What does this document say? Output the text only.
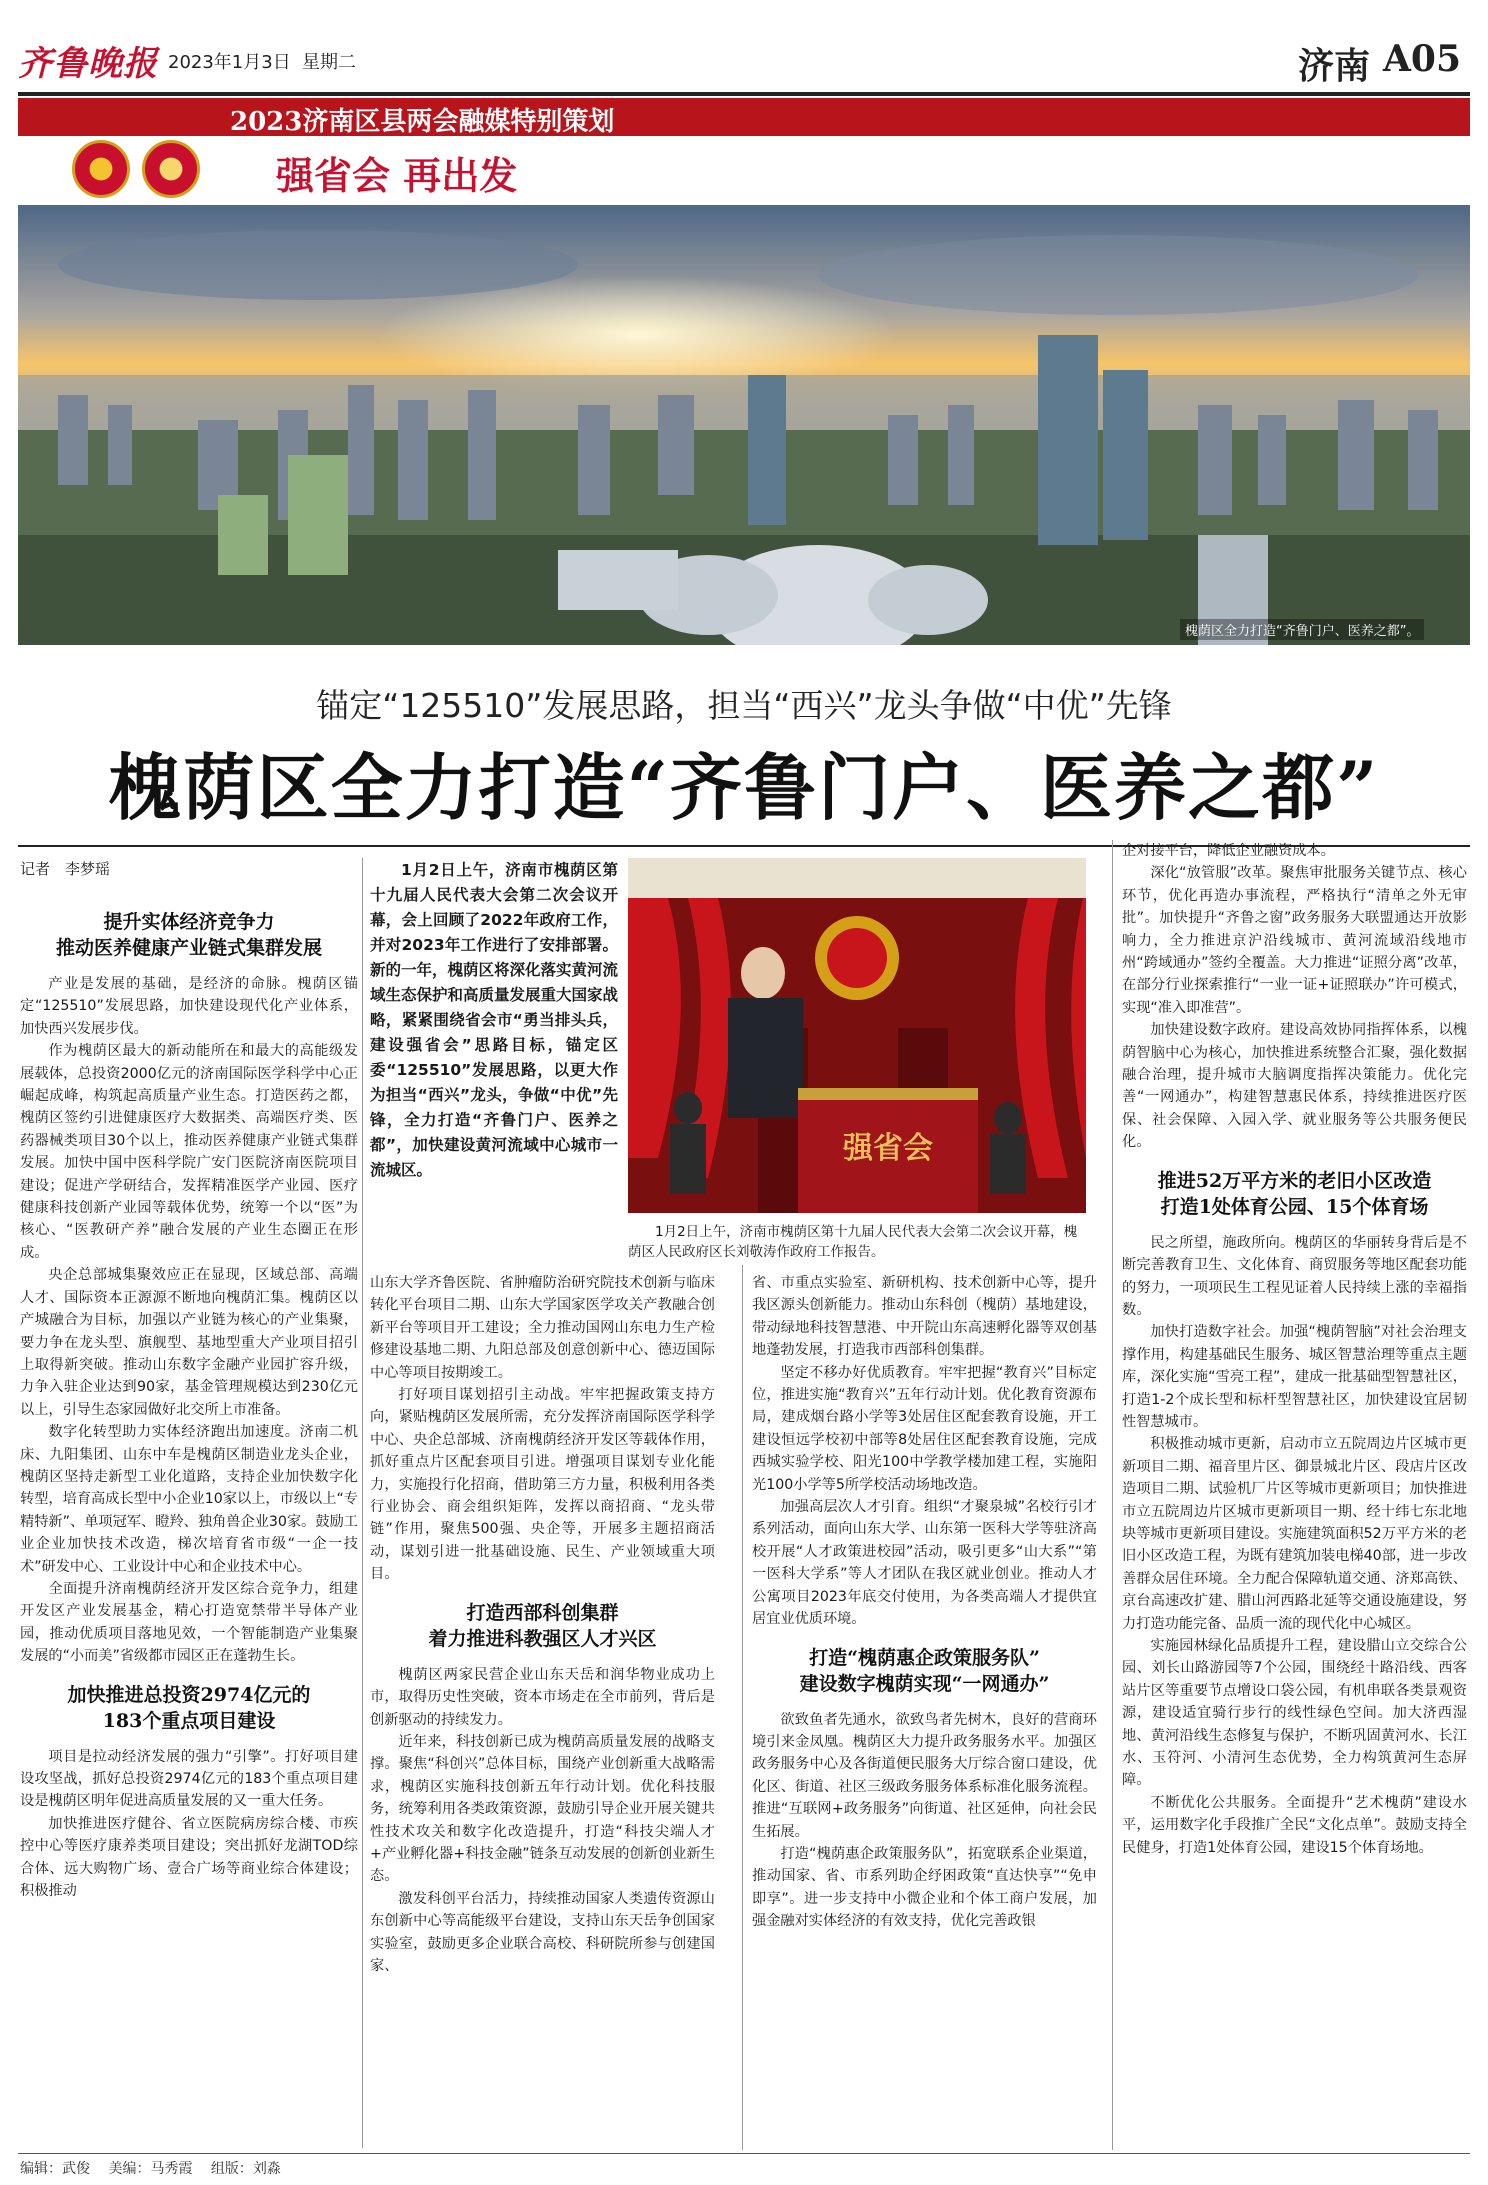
齐鲁晚报 2023年1月3日 星期二	济南 A05
2023济南区县两会融媒特别策划
强省会 再出发
槐荫区全力打造“齐鲁门户、医养之都”。
锚定“125510”发展思路，担当“西兴”龙头争做“中优”先锋
槐荫区全力打造“齐鲁门户、医养之都”
记者　李梦瑶
提升实体经济竞争力
推动医养健康产业链式集群发展

产业是发展的基础，是经济的命脉。槐荫区锚定“125510”发展思路，加快建设现代化产业体系，加快西兴发展步伐。

作为槐荫区最大的新动能所在和最大的高能级发展载体，总投资2000亿元的济南国际医学科学中心正崛起成峰，构筑起高质量产业生态。打造医药之都，槐荫区签约引进健康医疗大数据类、高端医疗类、医药器械类项目30个以上，推动医养健康产业链式集群发展。加快中国中医科学院广安门医院济南医院项目建设；促进产学研结合，发挥精准医学产业园、医疗健康科技创新产业园等载体优势，统筹一个以“医”为核心、“医教研产养”融合发展的产业生态圈正在形成。

央企总部城集聚效应正在显现，区域总部、高端人才、国际资本正源源不断地向槐荫汇集。槐荫区以产城融合为目标，加强以产业链为核心的产业集聚，要力争在龙头型、旗舰型、基地型重大产业项目招引上取得新突破。推动山东数字金融产业园扩容升级，力争入驻企业达到90家，基金管理规模达到230亿元以上，引导生态家园做好北交所上市准备。

数字化转型助力实体经济跑出加速度。济南二机床、九阳集团、山东中车是槐荫区制造业龙头企业，槐荫区坚持走新型工业化道路，支持企业加快数字化转型，培育高成长型中小企业10家以上，市级以上“专精特新”、单项冠军、瞪羚、独角兽企业30家。鼓励工业企业加快技术改造，梯次培育省市级“一企一技术”研发中心、工业设计中心和企业技术中心。

全面提升济南槐荫经济开发区综合竞争力，组建开发区产业发展基金，精心打造宽禁带半导体产业园，推动优质项目落地见效，一个智能制造产业集聚发展的“小而美”省级都市园区正在蓬勃生长。

加快推进总投资2974亿元的
183个重点项目建设

项目是拉动经济发展的强力“引擎”。打好项目建设攻坚战，抓好总投资2974亿元的183个重点项目建设是槐荫区明年促进高质量发展的又一重大任务。

加快推进医疗健谷、省立医院病房综合楼、市疾控中心等医疗康养类项目建设；突出抓好龙湖TOD综合体、远大购物广场、壹合广场等商业综合体建设；积极推动

1月2日上午，济南市槐荫区第十九届人民代表大会第二次会议开幕，会上回顾了2022年政府工作，并对2023年工作进行了安排部署。新的一年，槐荫区将深化落实黄河流域生态保护和高质量发展重大国家战略，紧紧围绕省会市“勇当排头兵，建设强省会”思路目标，锚定区委“125510”发展思路，以更大作为担当“西兴”龙头，争做“中优”先锋，全力打造“齐鲁门户、医养之都”，加快建设黄河流域中心城市一流城区。

强省会
1月2日上午，济南市槐荫区第十九届人民代表大会第二次会议开幕，槐荫区人民政府区长刘敬涛作政府工作报告。

山东大学齐鲁医院、省肿瘤防治研究院技术创新与临床转化平台项目二期、山东大学国家医学攻关产教融合创新平台等项目开工建设；全力推动国网山东电力生产检修建设基地二期、九阳总部及创意创新中心、德迈国际中心等项目按期竣工。

打好项目谋划招引主动战。牢牢把握政策支持方向，紧贴槐荫区发展所需，充分发挥济南国际医学科学中心、央企总部城、济南槐荫经济开发区等载体作用，抓好重点片区配套项目引进。增强项目谋划专业化能力，实施投行化招商，借助第三方力量，积极利用各类行业协会、商会组织矩阵，发挥以商招商、“龙头带链”作用，聚焦500强、央企等，开展多主题招商活动，谋划引进一批基础设施、民生、产业领域重大项目。

打造西部科创集群
着力推进科教强区人才兴区

槐荫区两家民营企业山东天岳和润华物业成功上市，取得历史性突破，资本市场走在全市前列，背后是创新驱动的持续发力。

近年来，科技创新已成为槐荫高质量发展的战略支撑。聚焦“科创兴”总体目标，围绕产业创新重大战略需求，槐荫区实施科技创新五年行动计划。优化科技服务，统筹利用各类政策资源，鼓励引导企业开展关键共性技术攻关和数字化改造提升，打造“科技尖端人才+产业孵化器+科技金融”链条互动发展的创新创业新生态。

激发科创平台活力，持续推动国家人类遗传资源山东创新中心等高能级平台建设，支持山东天岳争创国家实验室，鼓励更多企业联合高校、科研院所参与创建国家、

省、市重点实验室、新研机构、技术创新中心等，提升我区源头创新能力。推动山东科创（槐荫）基地建设，带动绿地科技智慧港、中开院山东高速孵化器等双创基地蓬勃发展，打造我市西部科创集群。

坚定不移办好优质教育。牢牢把握“教育兴”目标定位，推进实施“教育兴”五年行动计划。优化教育资源布局，建成烟台路小学等3处居住区配套教育设施，开工建设恒远学校初中部等8处居住区配套教育设施，完成西城实验学校、阳光100中学教学楼加建工程，实施阳光100小学等5所学校活动场地改造。

加强高层次人才引育。组织“才聚泉城”名校行引才系列活动，面向山东大学、山东第一医科大学等驻济高校开展“人才政策进校园”活动，吸引更多“山大系”“第一医科大学系”等人才团队在我区就业创业。推动人才公寓项目2023年底交付使用，为各类高端人才提供宜居宜业优质环境。

打造“槐荫惠企政策服务队”
建设数字槐荫实现“一网通办”

欲致鱼者先通水，欲致鸟者先树木，良好的营商环境引来金凤凰。槐荫区大力提升政务服务水平。加强区政务服务中心及各街道便民服务大厅综合窗口建设，优化区、街道、社区三级政务服务体系标准化服务流程。推进“互联网+政务服务”向街道、社区延伸，向社会民生拓展。

打造“槐荫惠企政策服务队”，拓宽联系企业渠道，推动国家、省、市系列助企纾困政策“直达快享”“免申即享”。进一步支持中小微企业和个体工商户发展，加强金融对实体经济的有效支持，优化完善政银

企对接平台，降低企业融资成本。

深化“放管服”改革。聚焦审批服务关键节点、核心环节，优化再造办事流程，严格执行“清单之外无审批”。加快提升“齐鲁之窗”政务服务大联盟通达开放影响力，全力推进京沪沿线城市、黄河流域沿线地市州“跨域通办”签约全覆盖。大力推进“证照分离”改革，在部分行业探索推行“一业一证+证照联办”许可模式，实现“准入即准营”。

加快建设数字政府。建设高效协同指挥体系，以槐荫智脑中心为核心，加快推进系统整合汇聚，强化数据融合治理，提升城市大脑调度指挥决策能力。优化完善“一网通办”，构建智慧惠民体系，持续推进医疗医保、社会保障、入园入学、就业服务等公共服务便民化。

推进52万平方米的老旧小区改造
打造1处体育公园、15个体育场

民之所望，施政所向。槐荫区的华丽转身背后是不断完善教育卫生、文化体育、商贸服务等地区配套功能的努力，一项项民生工程见证着人民持续上涨的幸福指数。

加快打造数字社会。加强“槐荫智脑”对社会治理支撑作用，构建基础民生服务、城区智慧治理等重点主题库，深化实施“雪亮工程”，建成一批基础型智慧社区，打造1-2个成长型和标杆型智慧社区，加快建设宜居韧性智慧城市。

积极推动城市更新，启动市立五院周边片区城市更新项目二期、福音里片区、御景城北片区、段店片区改造项目二期、试验机厂片区等城市更新项目；加快推进市立五院周边片区城市更新项目一期、经十纬七东北地块等城市更新项目建设。实施建筑面积52万平方米的老旧小区改造工程，为既有建筑加装电梯40部，进一步改善群众居住环境。全力配合保障轨道交通、济郑高铁、京台高速改扩建、腊山河西路北延等交通设施建设，努力打造功能完备、品质一流的现代化中心城区。

实施园林绿化品质提升工程，建设腊山立交综合公园、刘长山路游园等7个公园，围绕经十路沿线、西客站片区等重要节点增设口袋公园，有机串联各类景观资源，建设适宜骑行步行的线性绿色空间。加大济西湿地、黄河沿线生态修复与保护，不断巩固黄河水、长江水、玉符河、小清河生态优势，全力构筑黄河生态屏障。

不断优化公共服务。全面提升“艺术槐荫”建设水平，运用数字化手段推广全民“文化点单”。鼓励支持全民健身，打造1处体育公园，建设15个体育场地。

编辑：武俊 美编：马秀霞 组版：刘淼
